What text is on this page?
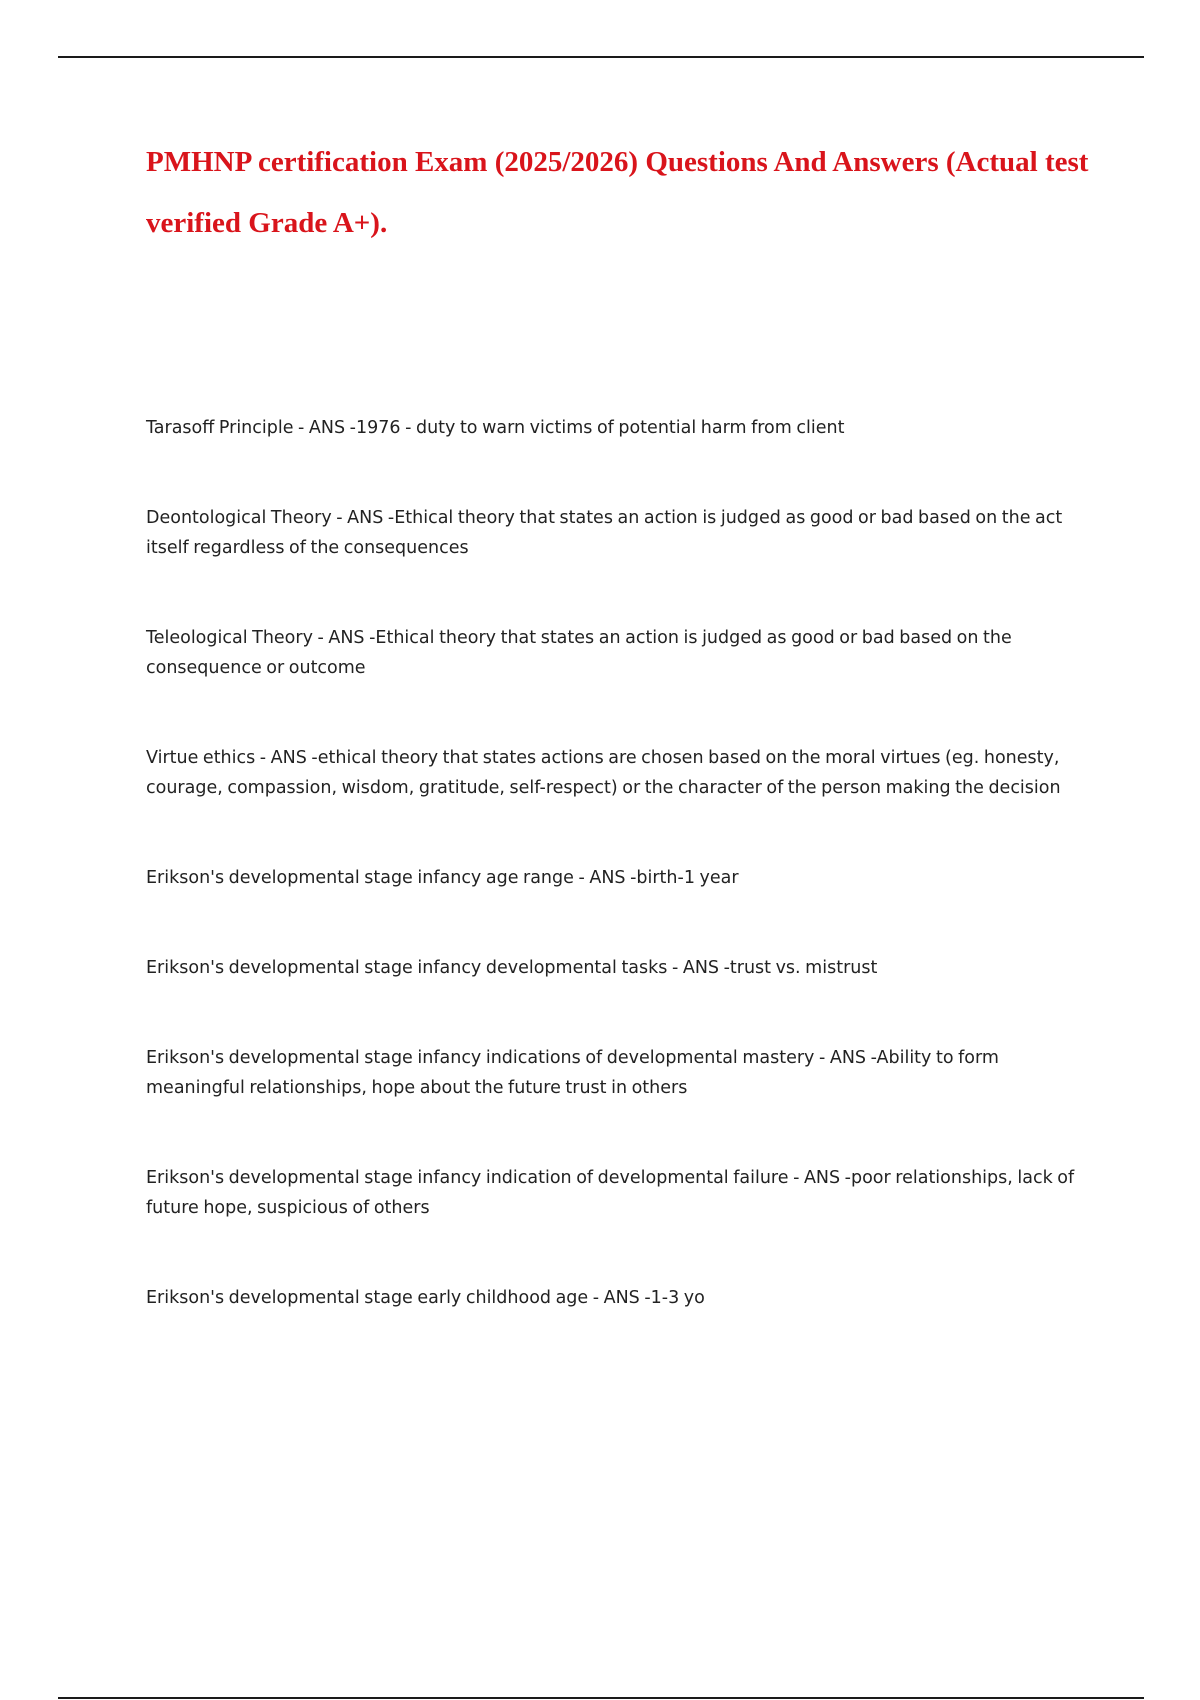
PMHNP certification Exam (2025/2026) Questions And Answers (Actual test verified Grade A+).
Tarasoff Principle - ANS -1976 - duty to warn victims of potential harm from client
Deontological Theory - ANS -Ethical theory that states an action is judged as good or bad based on the act itself regardless of the consequences
Teleological Theory - ANS -Ethical theory that states an action is judged as good or bad based on the consequence or outcome
Virtue ethics - ANS -ethical theory that states actions are chosen based on the moral virtues (eg. honesty, courage, compassion, wisdom, gratitude, self-respect) or the character of the person making the decision
Erikson's developmental stage infancy age range - ANS -birth-1 year
Erikson's developmental stage infancy developmental tasks - ANS -trust vs. mistrust
Erikson's developmental stage infancy indications of developmental mastery - ANS -Ability to form meaningful relationships, hope about the future trust in others
Erikson's developmental stage infancy indication of developmental failure - ANS -poor relationships, lack of future hope, suspicious of others
Erikson's developmental stage early childhood age - ANS -1-3 yo
